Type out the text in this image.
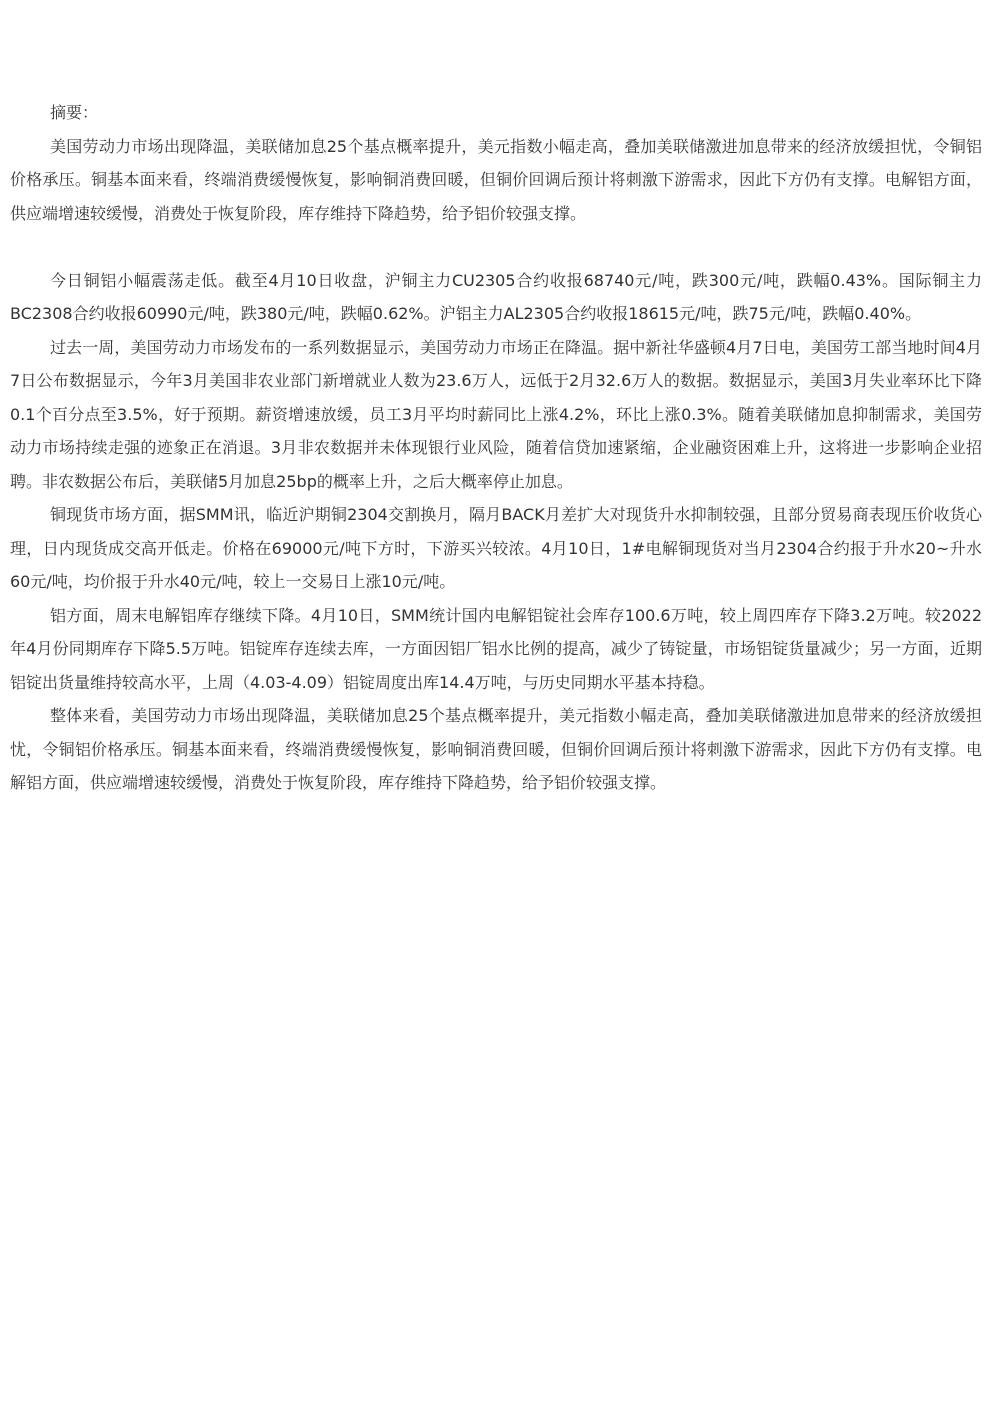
摘要：

美国劳动力市场出现降温，美联储加息25个基点概率提升，美元指数小幅走高，叠加美联储激进加息带来的经济放缓担忧，令铜铝价格承压。铜基本面来看，终端消费缓慢恢复，影响铜消费回暖，但铜价回调后预计将刺激下游需求，因此下方仍有支撑。电解铝方面，供应端增速较缓慢，消费处于恢复阶段，库存维持下降趋势，给予铝价较强支撑。

今日铜铝小幅震荡走低。截至4月10日收盘，沪铜主力CU2305合约收报68740元/吨，跌300元/吨，跌幅0.43%。国际铜主力BC2308合约收报60990元/吨，跌380元/吨，跌幅0.62%。沪铝主力AL2305合约收报18615元/吨，跌75元/吨，跌幅0.40%。

过去一周，美国劳动力市场发布的一系列数据显示，美国劳动力市场正在降温。据中新社华盛顿4月7日电，美国劳工部当地时间4月7日公布数据显示，今年3月美国非农业部门新增就业人数为23.6万人，远低于2月32.6万人的数据。数据显示，美国3月失业率环比下降0.1个百分点至3.5%，好于预期。薪资增速放缓，员工3月平均时薪同比上涨4.2%，环比上涨0.3%。随着美联储加息抑制需求，美国劳动力市场持续走强的迹象正在消退。3月非农数据并未体现银行业风险，随着信贷加速紧缩，企业融资困难上升，这将进一步影响企业招聘。非农数据公布后，美联储5月加息25bp的概率上升，之后大概率停止加息。

铜现货市场方面，据SMM讯，临近沪期铜2304交割换月，隔月BACK月差扩大对现货升水抑制较强，且部分贸易商表现压价收货心理，日内现货成交高开低走。价格在69000元/吨下方时，下游买兴较浓。4月10日，1#电解铜现货对当月2304合约报于升水20~升水60元/吨，均价报于升水40元/吨，较上一交易日上涨10元/吨。

铝方面，周末电解铝库存继续下降。4月10日，SMM统计国内电解铝锭社会库存100.6万吨，较上周四库存下降3.2万吨。较2022年4月份同期库存下降5.5万吨。铝锭库存连续去库，一方面因铝厂铝水比例的提高，减少了铸锭量，市场铝锭货量减少；另一方面，近期铝锭出货量维持较高水平，上周（4.03-4.09）铝锭周度出库14.4万吨，与历史同期水平基本持稳。

整体来看，美国劳动力市场出现降温，美联储加息25个基点概率提升，美元指数小幅走高，叠加美联储激进加息带来的经济放缓担忧，令铜铝价格承压。铜基本面来看，终端消费缓慢恢复，影响铜消费回暖，但铜价回调后预计将刺激下游需求，因此下方仍有支撑。电解铝方面，供应端增速较缓慢，消费处于恢复阶段，库存维持下降趋势，给予铝价较强支撑。
